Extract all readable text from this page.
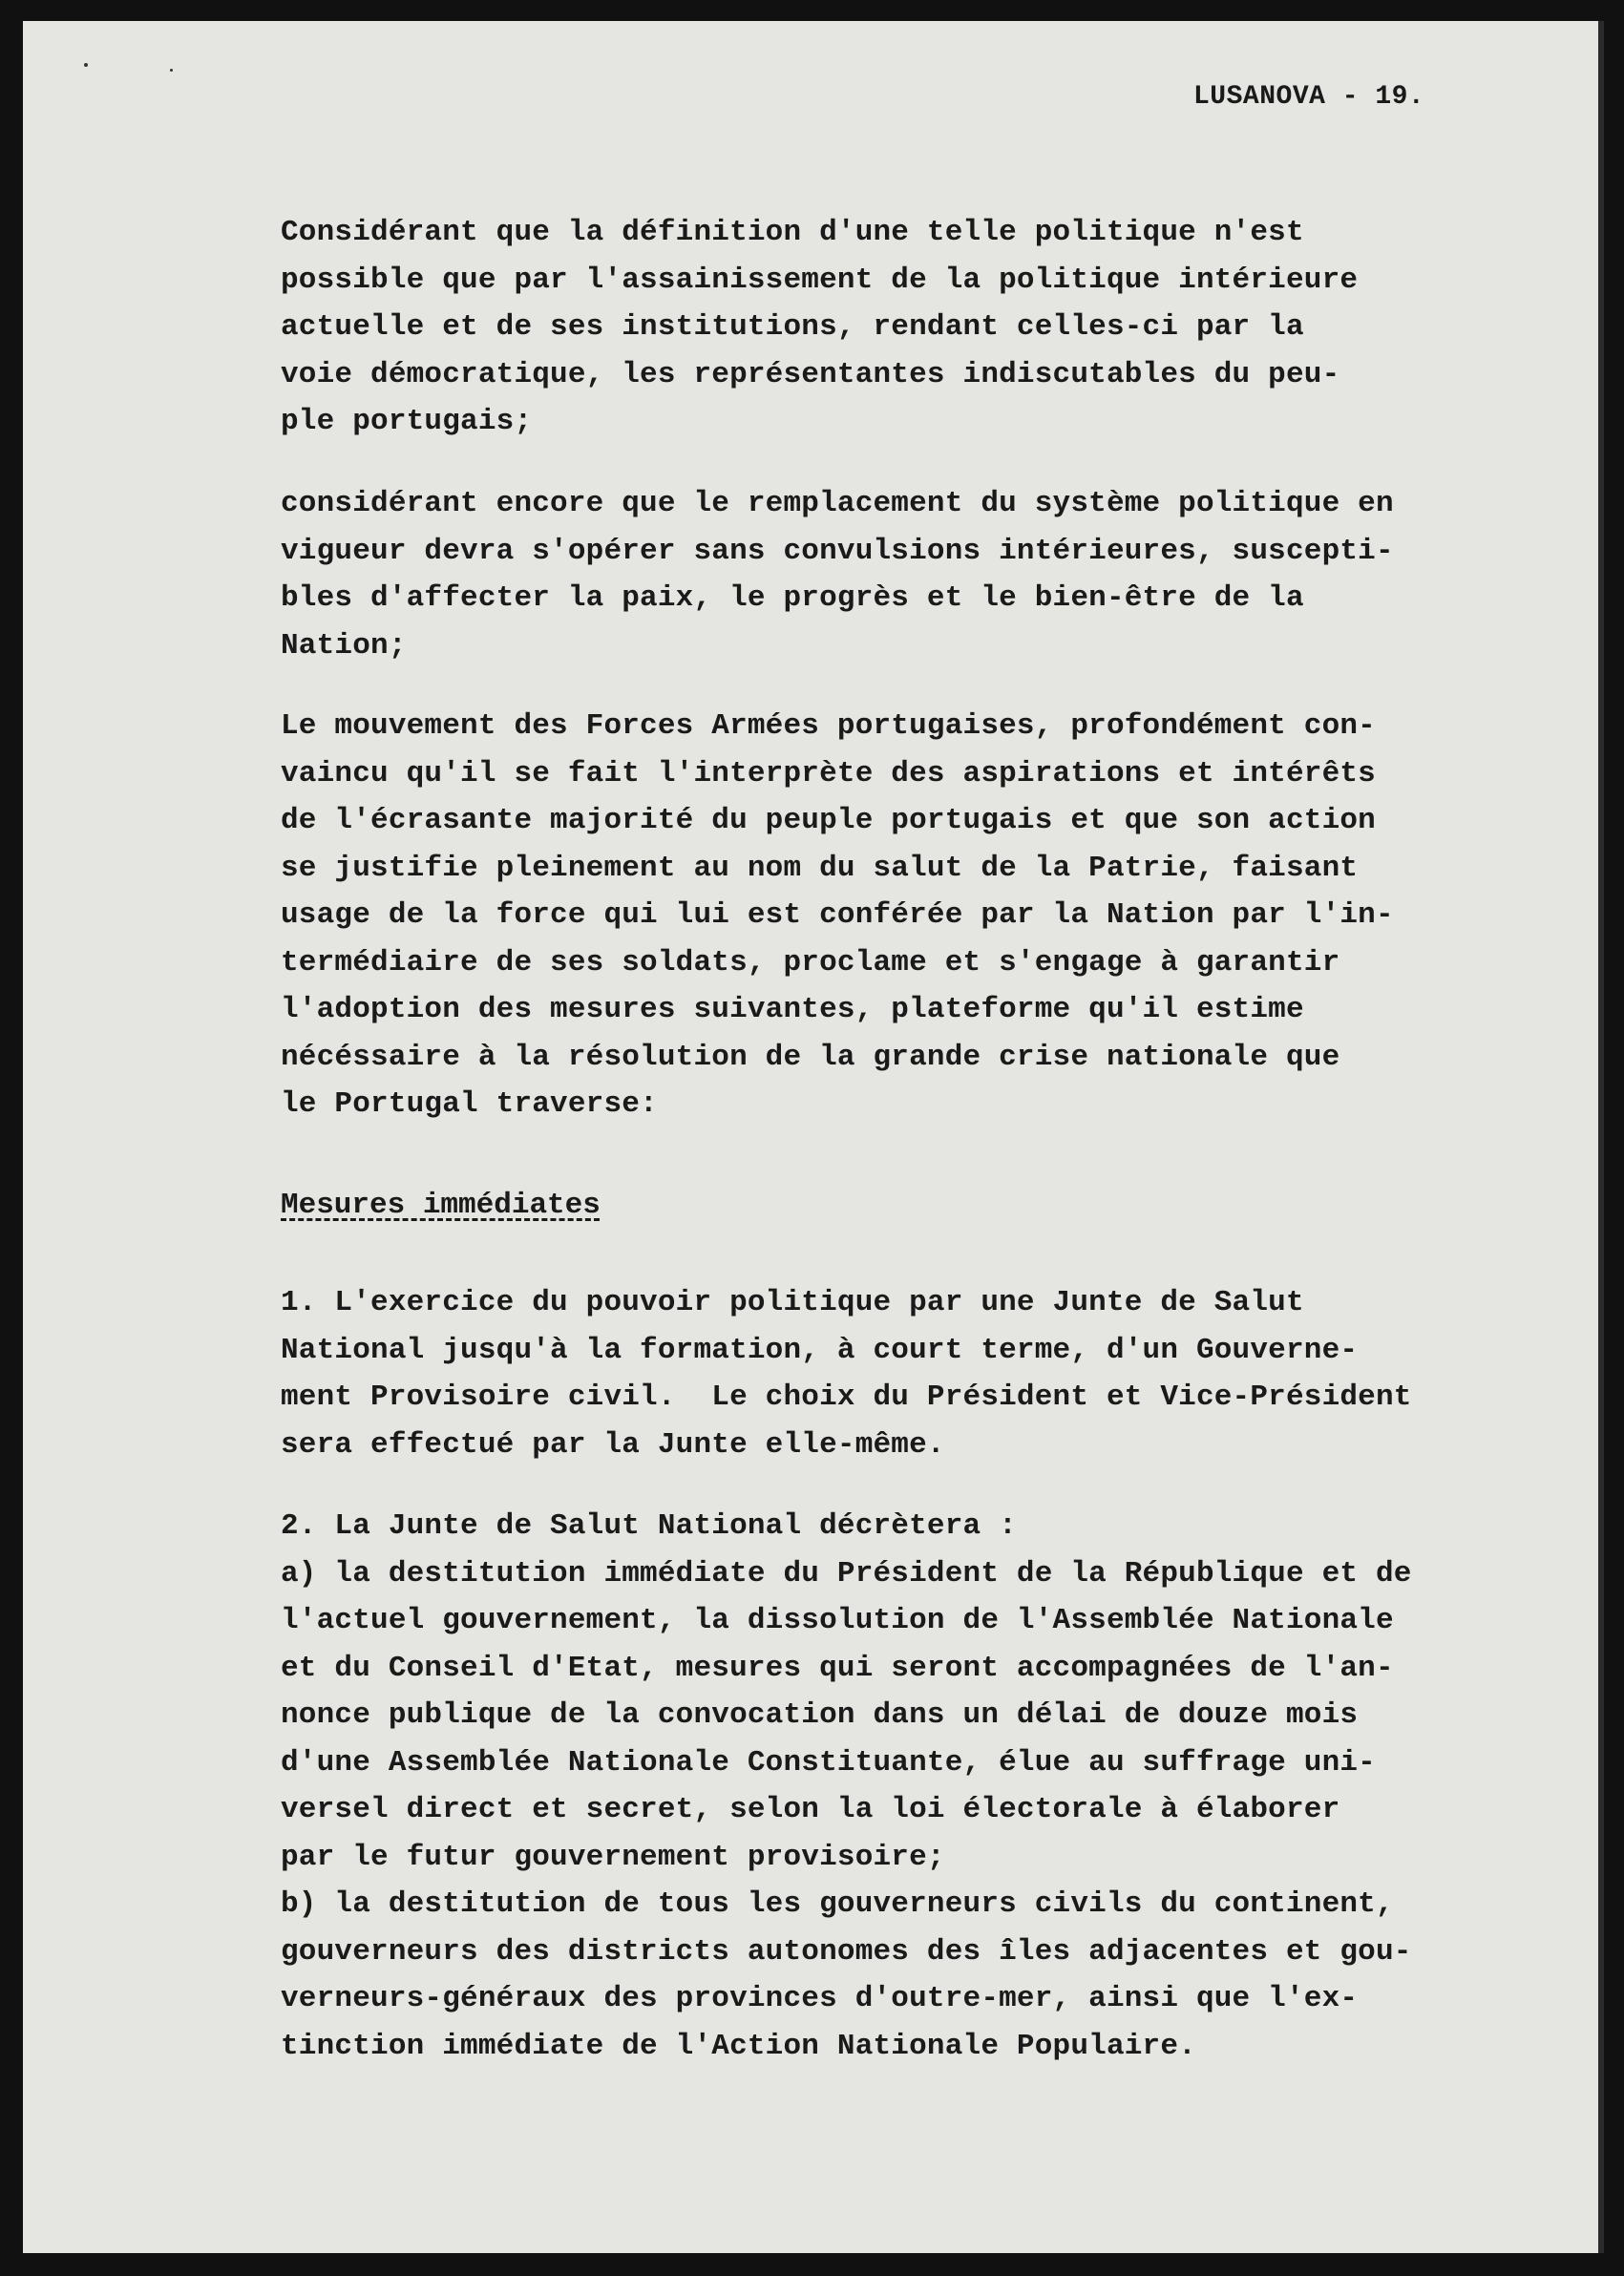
LUSANOVA - 19.
Considérant que la définition d'une telle politique n'est
possible que par l'assainissement de la politique intérieure
actuelle et de ses institutions, rendant celles-ci par la
voie démocratique, les représentantes indiscutables du peu-
ple portugais;
considérant encore que le remplacement du système politique en
vigueur devra s'opérer sans convulsions intérieures, suscepti-
bles d'affecter la paix, le progrès et le bien-être de la
Nation;
Le mouvement des Forces Armées portugaises, profondément con-
vaincu qu'il se fait l'interprète des aspirations et intérêts
de l'écrasante majorité du peuple portugais et que son action
se justifie pleinement au nom du salut de la Patrie, faisant
usage de la force qui lui est conférée par la Nation par l'in-
termédiaire de ses soldats, proclame et s'engage à garantir
l'adoption des mesures suivantes, plateforme qu'il estime
nécéssaire à la résolution de la grande crise nationale que
le Portugal traverse:
1. L'exercice du pouvoir politique par une Junte de Salut
National jusqu'à la formation, à court terme, d'un Gouverne-
ment Provisoire civil.  Le choix du Président et Vice-Président
sera effectué par la Junte elle-même.
2. La Junte de Salut National décrètera :
a) la destitution immédiate du Président de la République et de
l'actuel gouvernement, la dissolution de l'Assemblée Nationale
et du Conseil d'Etat, mesures qui seront accompagnées de l'an-
nonce publique de la convocation dans un délai de douze mois
d'une Assemblée Nationale Constituante, élue au suffrage uni-
versel direct et secret, selon la loi électorale à élaborer
par le futur gouvernement provisoire;
b) la destitution de tous les gouverneurs civils du continent,
gouverneurs des districts autonomes des îles adjacentes et gou-
verneurs-généraux des provinces d'outre-mer, ainsi que l'ex-
tinction immédiate de l'Action Nationale Populaire.
Mesures immédiates
